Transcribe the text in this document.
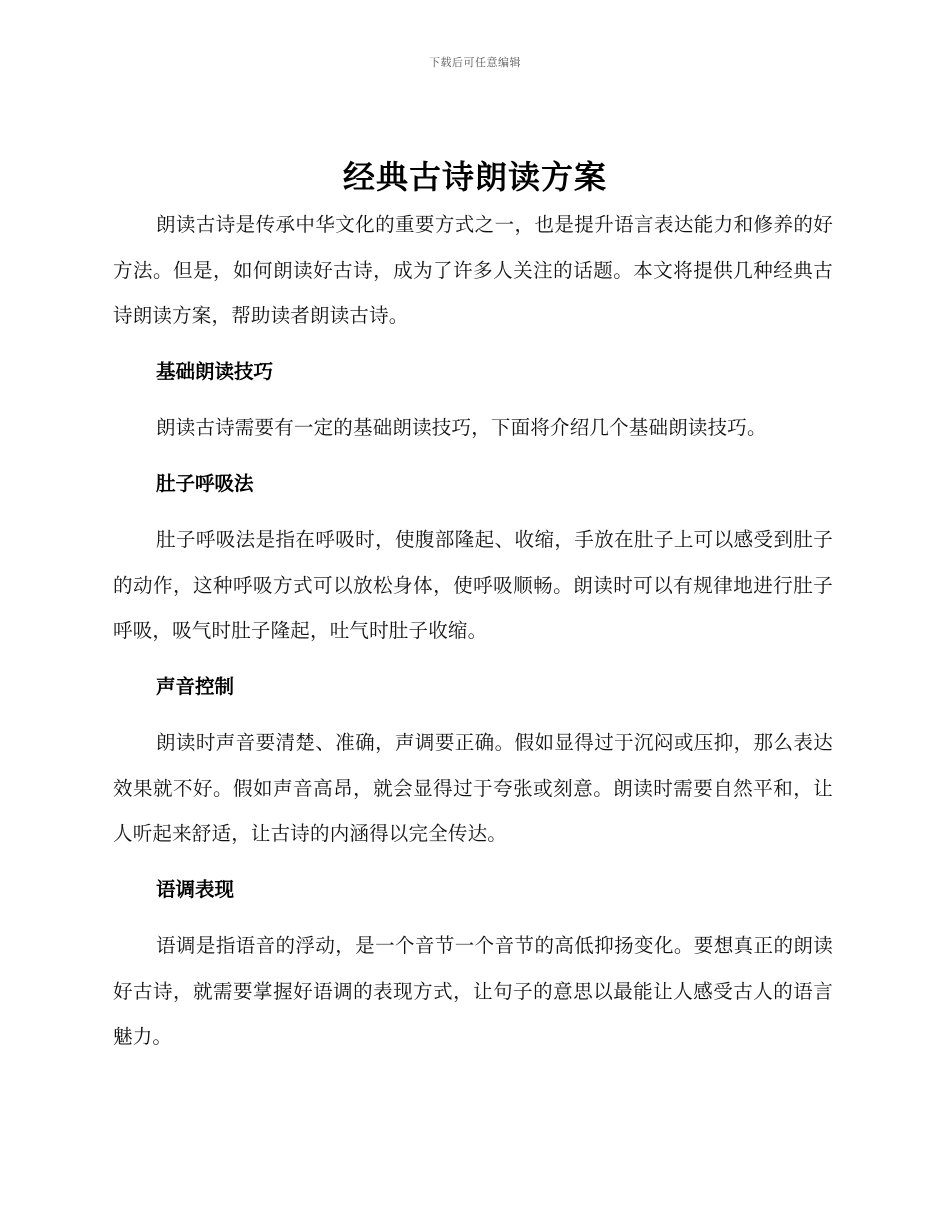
下载后可任意编辑
经典古诗朗读方案

朗读古诗是传承中华文化的重要方式之一，也是提升语言表达能力和修养的好方法。但是，如何朗读好古诗，成为了许多人关注的话题。本文将提供几种经典古诗朗读方案，帮助读者朗读古诗。

基础朗读技巧

朗读古诗需要有一定的基础朗读技巧，下面将介绍几个基础朗读技巧。

肚子呼吸法

肚子呼吸法是指在呼吸时，使腹部隆起、收缩，手放在肚子上可以感受到肚子的动作，这种呼吸方式可以放松身体，使呼吸顺畅。朗读时可以有规律地进行肚子呼吸，吸气时肚子隆起，吐气时肚子收缩。

声音控制

朗读时声音要清楚、准确，声调要正确。假如显得过于沉闷或压抑，那么表达效果就不好。假如声音高昂，就会显得过于夸张或刻意。朗读时需要自然平和，让人听起来舒适，让古诗的内涵得以完全传达。

语调表现

语调是指语音的浮动，是一个音节一个音节的高低抑扬变化。要想真正的朗读好古诗，就需要掌握好语调的表现方式，让句子的意思以最能让人感受古人的语言魅力。
